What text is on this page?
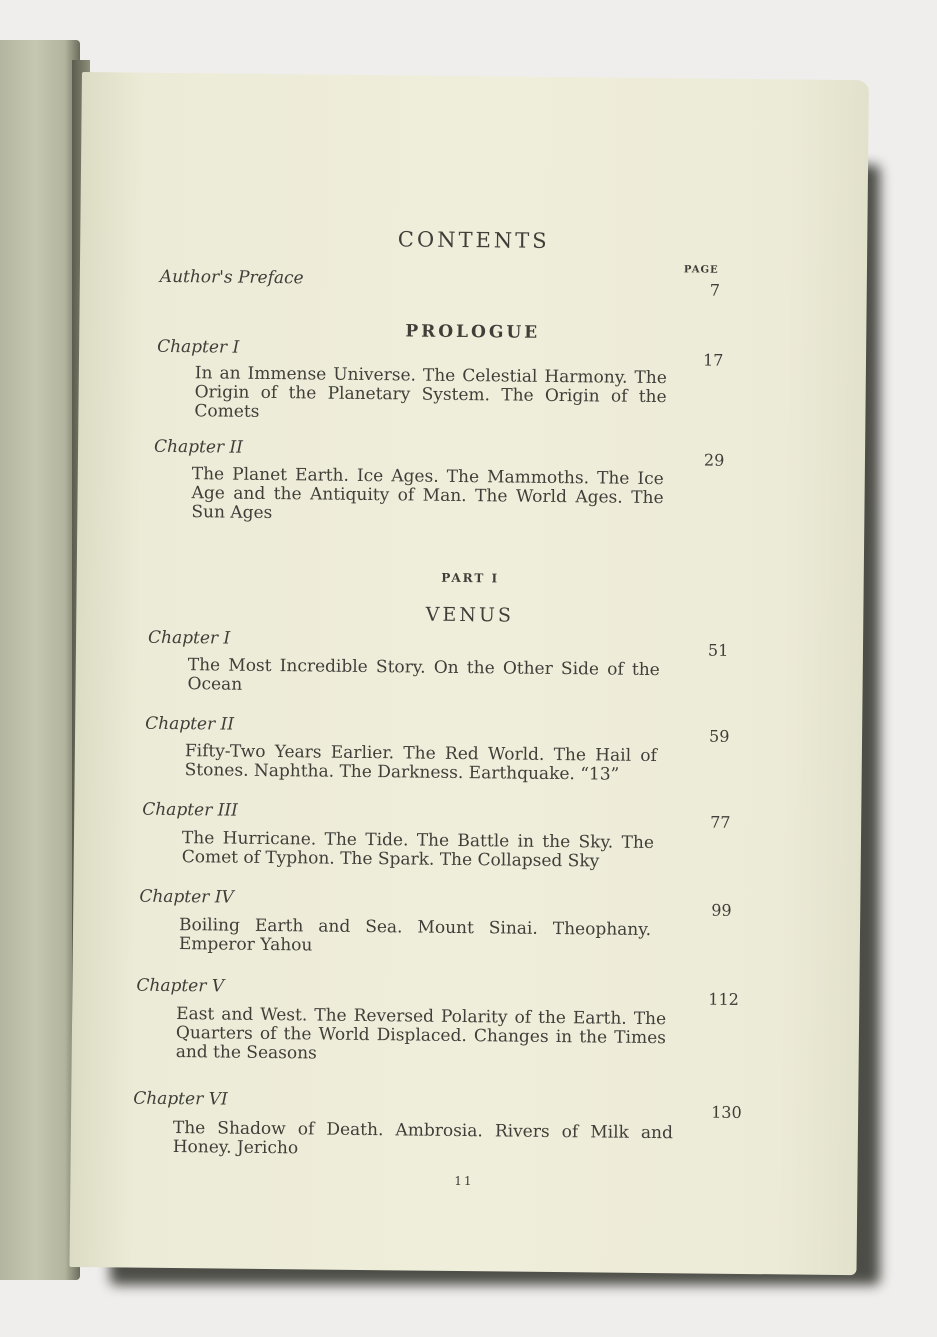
CONTENTS
PAGE
Author's Preface
7
PROLOGUE
Chapter I
In an Immense Universe. The Celestial Harmony. The Origin of the Planetary System. The Origin of the Comets
17
Chapter II
The Planet Earth. Ice Ages. The Mammoths. The Ice Age and the Antiquity of Man. The World Ages. The Sun Ages
29
PART I
VENUS
Chapter I
The Most Incredible Story. On the Other Side of the Ocean
51
Chapter II
Fifty-Two Years Earlier. The Red World. The Hail of Stones. Naphtha. The Darkness. Earthquake. “13”
59
Chapter III
The Hurricane. The Tide. The Battle in the Sky. The Comet of Typhon. The Spark. The Collapsed Sky
77
Chapter IV
Boiling Earth and Sea. Mount Sinai. Theophany. Emperor Yahou
99
Chapter V
East and West. The Reversed Polarity of the Earth. The Quarters of the World Displaced. Changes in the Times and the Seasons
112
Chapter VI
The Shadow of Death. Ambrosia. Rivers of Milk and Honey. Jericho
130
11
